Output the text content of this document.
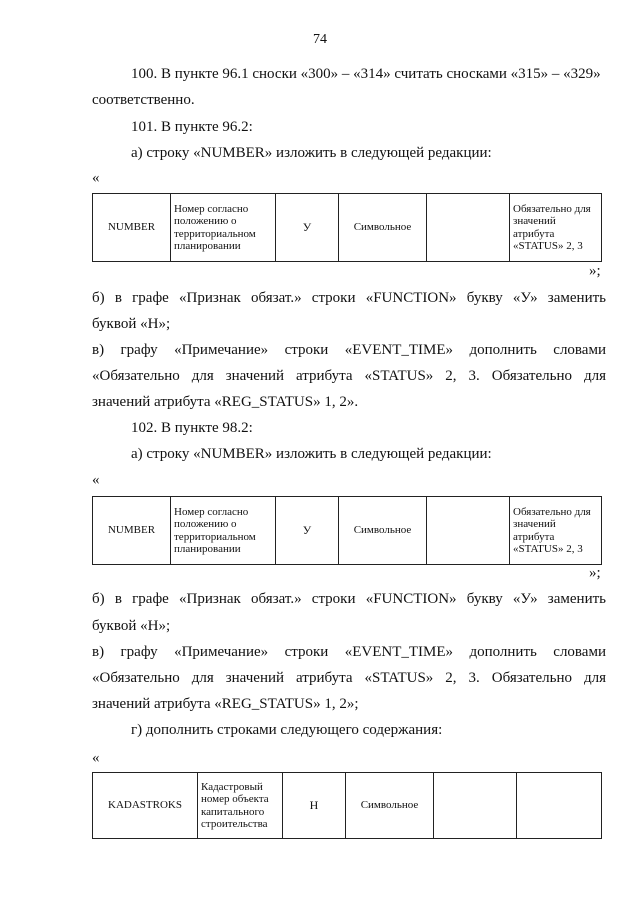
74
100. В пункте 96.1 сноски «300» – «314» считать сносками «315» – «329»
соответственно.
101. В пункте 96.2:
а) строку «NUMBER» изложить в следующей редакции:
«
NUMBER	Номер согласно
положению о
территориальном
планировании	У	Символьное		Обязательно для
значений
атрибута
«STATUS» 2, 3
»;
б) в графе «Признак обязат.» строки «FUNCTION» букву «У» заменить
буквой «Н»;
в) графу «Примечание» строки «EVENT_TIME» дополнить словами
«Обязательно для значений атрибута «STATUS» 2, 3. Обязательно для
значений атрибута «REG_STATUS» 1, 2».
102. В пункте 98.2:
а) строку «NUMBER» изложить в следующей редакции:
«
NUMBER	Номер согласно
положению о
территориальном
планировании	У	Символьное		Обязательно для
значений
атрибута
«STATUS» 2, 3
»;
б) в графе «Признак обязат.» строки «FUNCTION» букву «У» заменить
буквой «Н»;
в) графу «Примечание» строки «EVENT_TIME» дополнить словами
«Обязательно для значений атрибута «STATUS» 2, 3. Обязательно для
значений атрибута «REG_STATUS» 1, 2»;
г) дополнить строками следующего содержания:
«
KADASTROKS	Кадастровый
номер объекта
капитального
строительства	Н	Символьное		
